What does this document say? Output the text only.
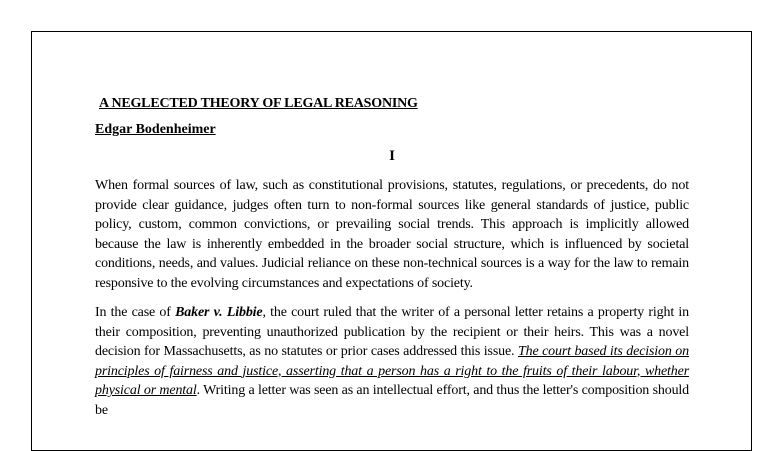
A NEGLECTED THEORY OF LEGAL REASONING
Edgar Bodenheimer
I

When formal sources of law, such as constitutional provisions, statutes, regulations, or precedents, do not provide clear guidance, judges often turn to non-formal sources like general standards of justice, public policy, custom, common convictions, or prevailing social trends. This approach is implicitly allowed because the law is inherently embedded in the broader social structure, which is influenced by societal conditions, needs, and values. Judicial reliance on these non-technical sources is a way for the law to remain responsive to the evolving circumstances and expectations of society.

In the case of Baker v. Libbie, the court ruled that the writer of a personal letter retains a property right in their composition, preventing unauthorized publication by the recipient or their heirs. This was a novel decision for Massachusetts, as no statutes or prior cases addressed this issue. The court based its decision on principles of fairness and justice, asserting that a person has a right to the fruits of their labour, whether physical or mental. Writing a letter was seen as an intellectual effort, and thus the letter's composition should be
